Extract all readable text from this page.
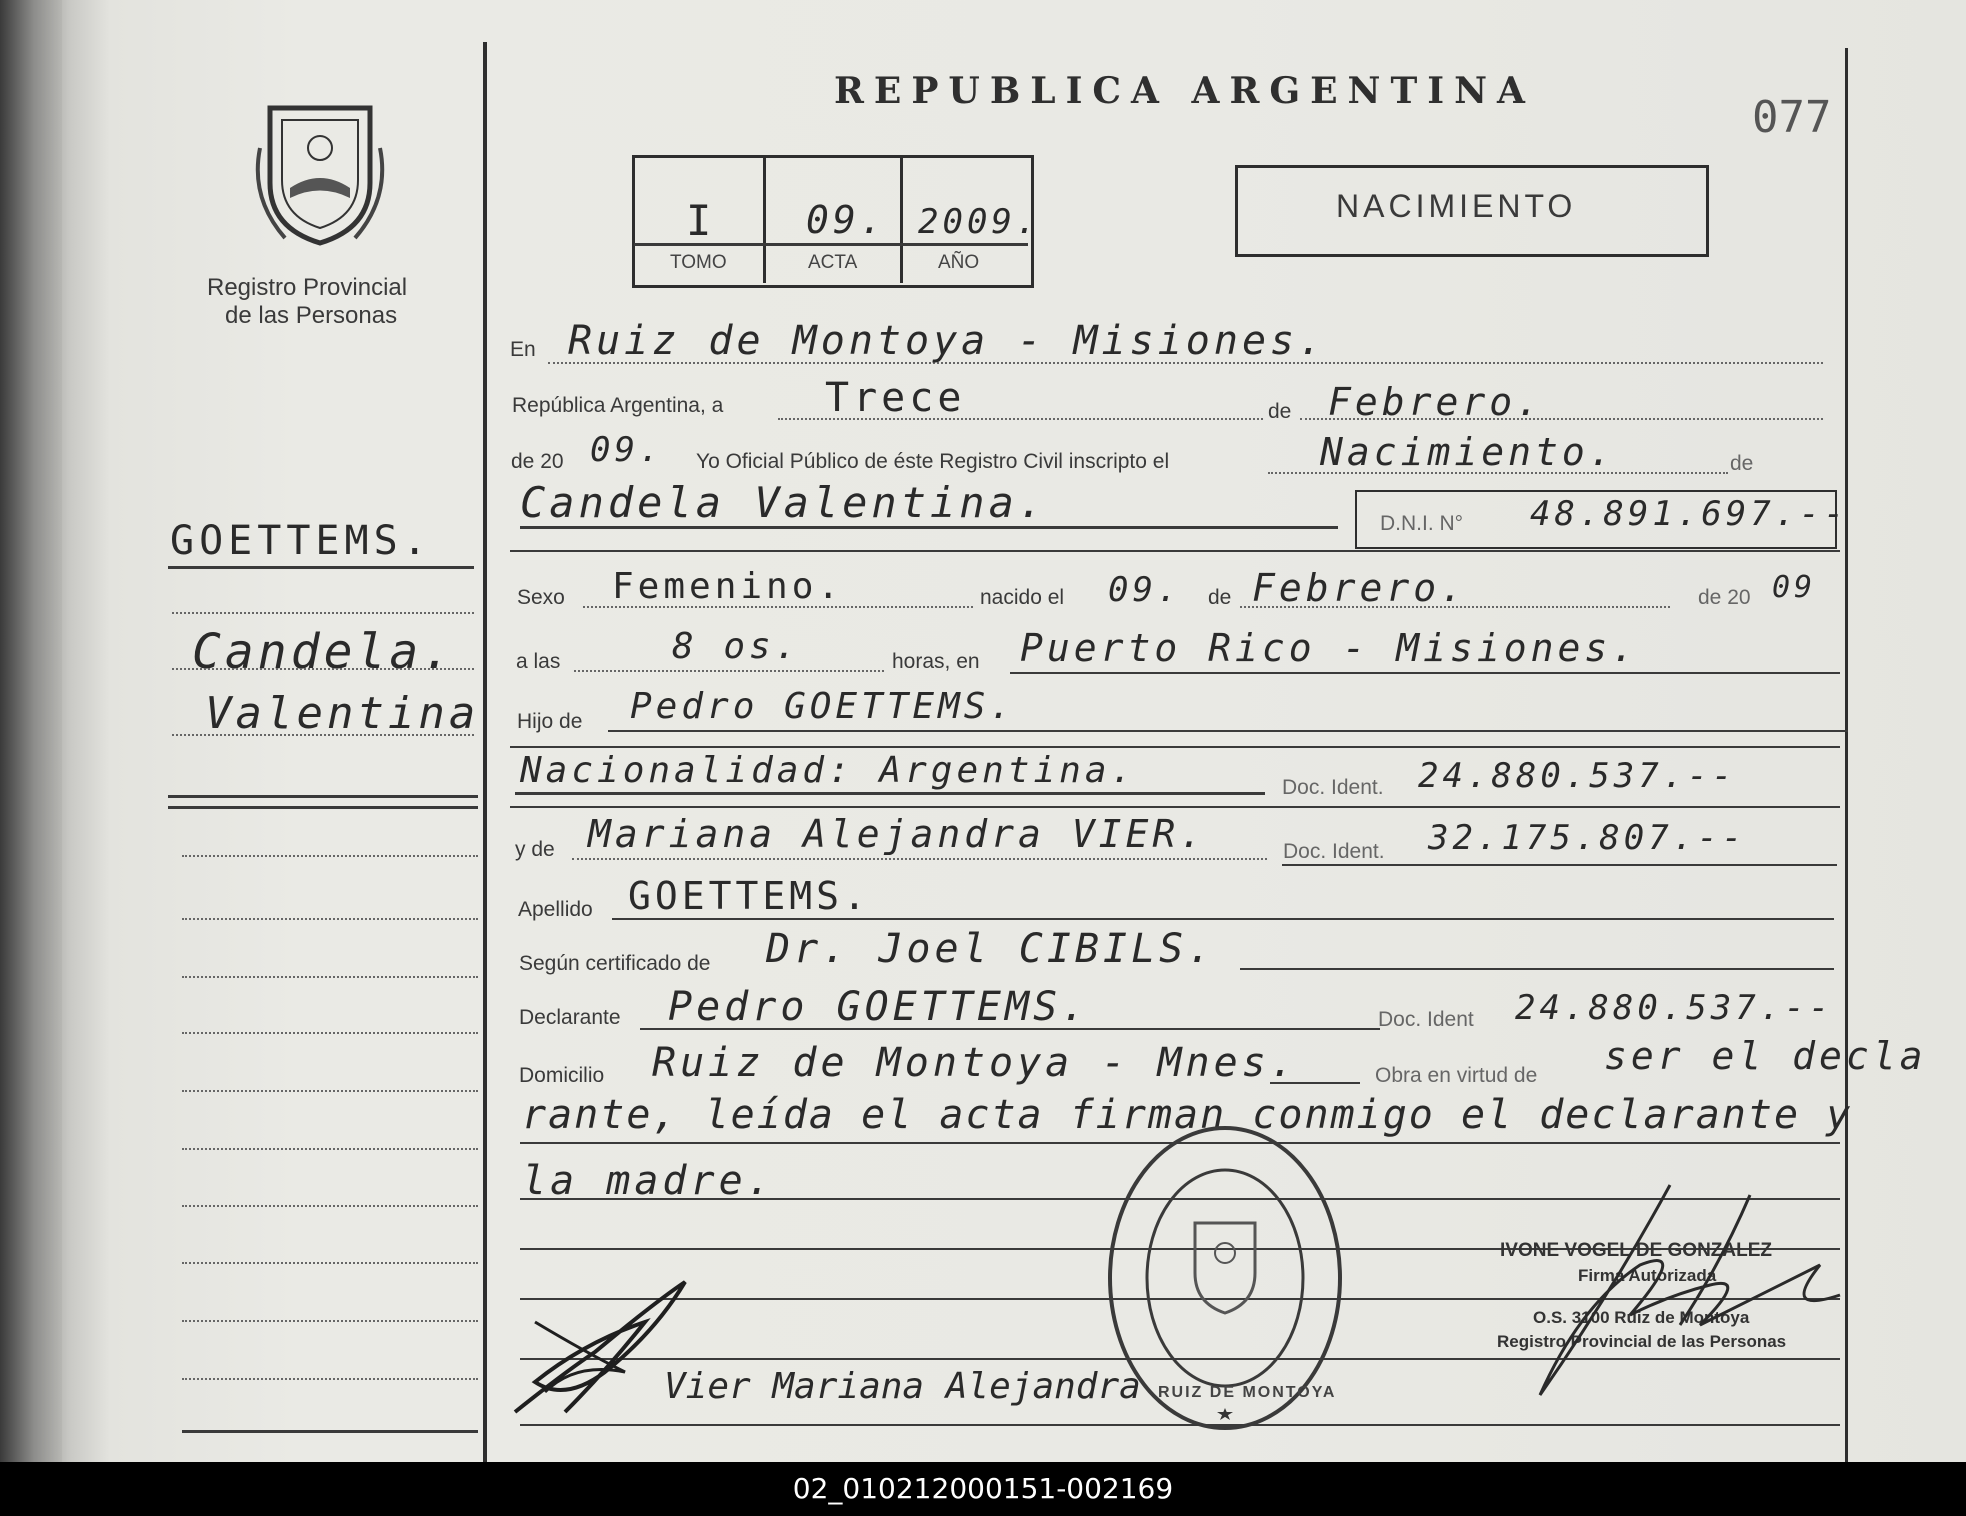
Registro Provincial
de las Personas
GOETTEMS.
Candela.
Valentina
REPUBLICA ARGENTINA
077
I 09. 2009.
TOMO	ACTA	AÑO
NACIMIENTO
En Ruiz de Montoya - Misiones.
República Argentina, a	Trece	de Febrero.
de 20 09. Yo Oficial Público de éste Registro Civil inscripto el	Nacimiento.	de
Candela Valentina.	D.N.I. N° 48.891.697.--
Sexo Femenino.	nacido el 09. de Febrero.	de 20 09
a las	8 os.	horas, en Puerto Rico - Misiones.
Hijo de Pedro GOETTEMS.
Nacionalidad: Argentina.	Doc. Ident. 24.880.537.--
y de Mariana Alejandra VIER.	Doc. Ident. 32.175.807.--
Apellido GOETTEMS.
Según certificado de Dr. Joel CIBILS.
Declarante Pedro GOETTEMS.	Doc. Ident 24.880.537.--
Domicilio Ruiz de Montoya - Mnes.	Obra en virtud de ser el decla
rante, leída el acta firman conmigo el declarante y
la madre.
RUIZ DE MONTOYA
IVONE VOGEL DE GONZALEZ
Firma Autorizada
O.S. 3100 Ruiz de Montoya
Registro Provincial de las Personas
Vier Mariana Alejandra
02_010212000151-002169
